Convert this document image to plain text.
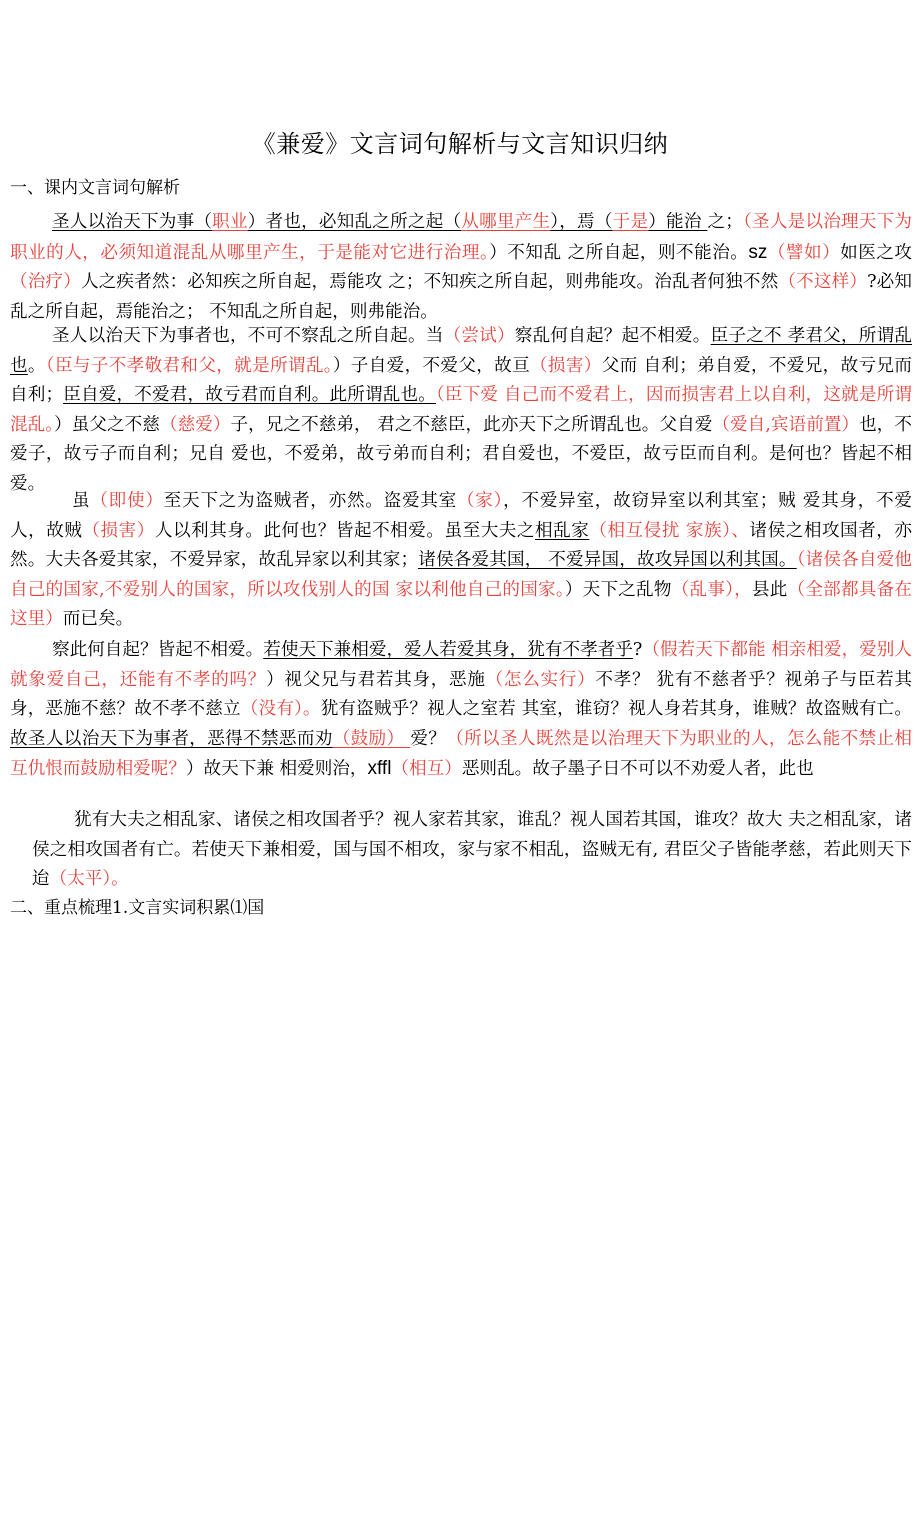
《兼爱》文言词句解析与文言知识归纳
一、课内文言词句解析
圣人以治天下为事（职业）者也，必知乱之所之起（从哪里产生），焉（于是）能治 之；（圣人是以治理天下为职业的人，必须知道混乱从哪里产生，于是能对它进行治理。）不知乱 之所自起，则不能治。sz（譬如）如医之攻（治疗）人之疾者然：必知疾之所自起，焉能攻 之；不知疾之所自起，则弗能攻。治乱者何独不然（不这样）?必知乱之所自起，焉能治之； 不知乱之所自起，则弗能治。
圣人以治天下为事者也，不可不察乱之所自起。当（尝试）察乱何自起？起不相爱。臣子之不 孝君父，所谓乱也。（臣与子不孝敬君和父，就是所谓乱。）子自爱，不爱父，故亘（损害）父而 自利；弟自爱，不爱兄，故亏兄而自利；臣自爱，不爱君，故亏君而自利。此所谓乱也。（臣下爱 自己而不爱君上，因而损害君上以自利，这就是所谓混乱。）虽父之不慈（慈爱）子，兄之不慈弟， 君之不慈臣，此亦天下之所谓乱也。父自爱（爱自,宾语前置）也，不爱子，故亏子而自利；兄自 爱也，不爱弟，故亏弟而自利；君自爱也，不爱臣，故亏臣而自利。是何也？皆起不相爱。
虽（即使）至天下之为盗贼者，亦然。盗爱其室（家），不爱异室，故窃异室以利其室；贼 爱其身，不爱人，故贼（损害）人以利其身。此何也？皆起不相爱。虽至大夫之相乱家（相互侵扰 家族）、诸侯之相攻国者，亦然。大夫各爱其家，不爱异家，故乱异家以利其家；诸侯各爱其国， 不爱异国，故攻异国以利其国。（诸侯各自爱他自己的国家,不爱别人的国家，所以攻伐别人的国 家以利他自己的国家。）天下之乱物（乱事），县此（全部都具备在这里）而已矣。
察此何自起？皆起不相爱。若使天下兼相爱，爱人若爱其身，犹有不孝者乎?（假若天下都能 相亲相爱，爱别人就象爱自己，还能有不孝的吗？）视父兄与君若其身，恶施（怎么实行）不孝？ 犹有不慈者乎？视弟子与臣若其身，恶施不慈？故不孝不慈立（没有）。犹有盗贼乎？视人之室若 其室，谁窃？视人身若其身，谁贼？故盗贼有亡。故圣人以治天下为事者，恶得不禁恶而劝（鼓励） 爱？（所以圣人既然是以治理天下为职业的人，怎么能不禁止相互仇恨而鼓励相爱呢？）故天下兼 相爱则治，xffl（相互）恶则乱。故子墨子日不可以不劝爱人者，此也
犹有大夫之相乱家、诸侯之相攻国者乎？视人家若其家，谁乱？视人国若其国，谁攻？故大 夫之相乱家，诸侯之相攻国者有亡。若使天下兼相爱，国与国不相攻，家与家不相乱，盗贼无有, 君臣父子皆能孝慈，若此则天下迨（太平）。
二、重点梳理1.文言实词积累⑴国
